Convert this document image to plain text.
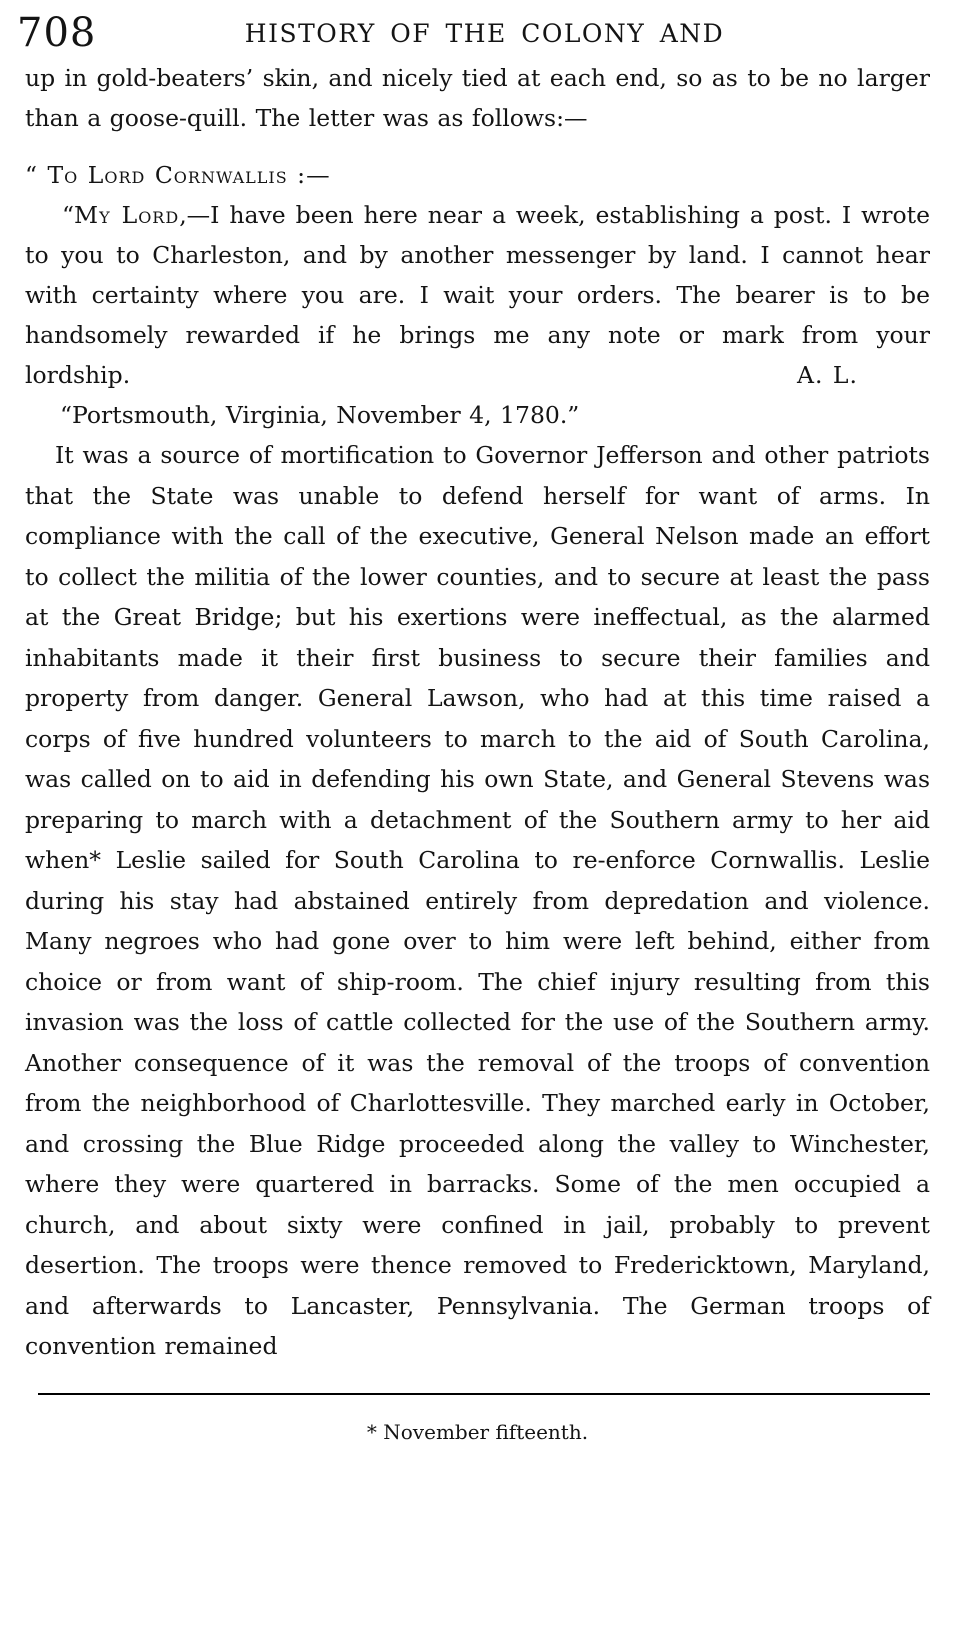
708	HISTORY OF THE COLONY AND

up in gold-beaters’ skin, and nicely tied at each end, so as to be no larger than a goose-quill. The letter was as follows:—

“ To Lord Cornwallis :—

“My Lord,—I have been here near a week, establishing a post. I wrote to you to Charleston, and by another messenger by land. I cannot hear with certainty where you are. I wait your orders. The bearer is to be handsomely rewarded if he brings me any note or mark from your lordship.	A. L.

“Portsmouth, Virginia, November 4, 1780.”

It was a source of mortification to Governor Jefferson and other patriots that the State was unable to defend herself for want of arms. In compliance with the call of the executive, General Nelson made an effort to collect the militia of the lower counties, and to secure at least the pass at the Great Bridge; but his exertions were ineffectual, as the alarmed inhabitants made it their first business to secure their families and property from danger. General Lawson, who had at this time raised a corps of five hundred volunteers to march to the aid of South Carolina, was called on to aid in defending his own State, and General Stevens was preparing to march with a detachment of the Southern army to her aid when* Leslie sailed for South Carolina to re-enforce Cornwallis. Leslie during his stay had abstained entirely from depredation and violence. Many negroes who had gone over to him were left behind, either from choice or from want of ship-room. The chief injury resulting from this invasion was the loss of cattle collected for the use of the Southern army. Another consequence of it was the removal of the troops of convention from the neighborhood of Charlottesville. They marched early in October, and crossing the Blue Ridge proceeded along the valley to Winchester, where they were quartered in barracks. Some of the men occupied a church, and about sixty were confined in jail, probably to prevent desertion. The troops were thence removed to Fredericktown, Maryland, and afterwards to Lancaster, Pennsylvania. The German troops of convention remained

* November fifteenth.
